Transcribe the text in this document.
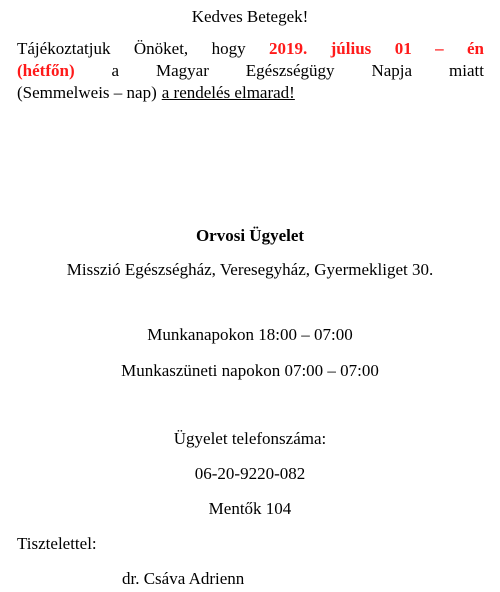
Kedves Betegek!
Tájékoztatjuk Önöket, hogy 2019. július 01 – én
(hétfőn) a Magyar Egészségügy Napja miatt
(Semmelweis – nap) a rendelés elmarad!
Orvosi Ügyelet
Misszió Egészségház, Veresegyház, Gyermekliget 30.
Munkanapokon 18:00 – 07:00
Munkaszüneti napokon 07:00 – 07:00
Ügyelet telefonszáma:
06-20-9220-082
Mentők 104
Tisztelettel:
dr. Csáva Adrienn
